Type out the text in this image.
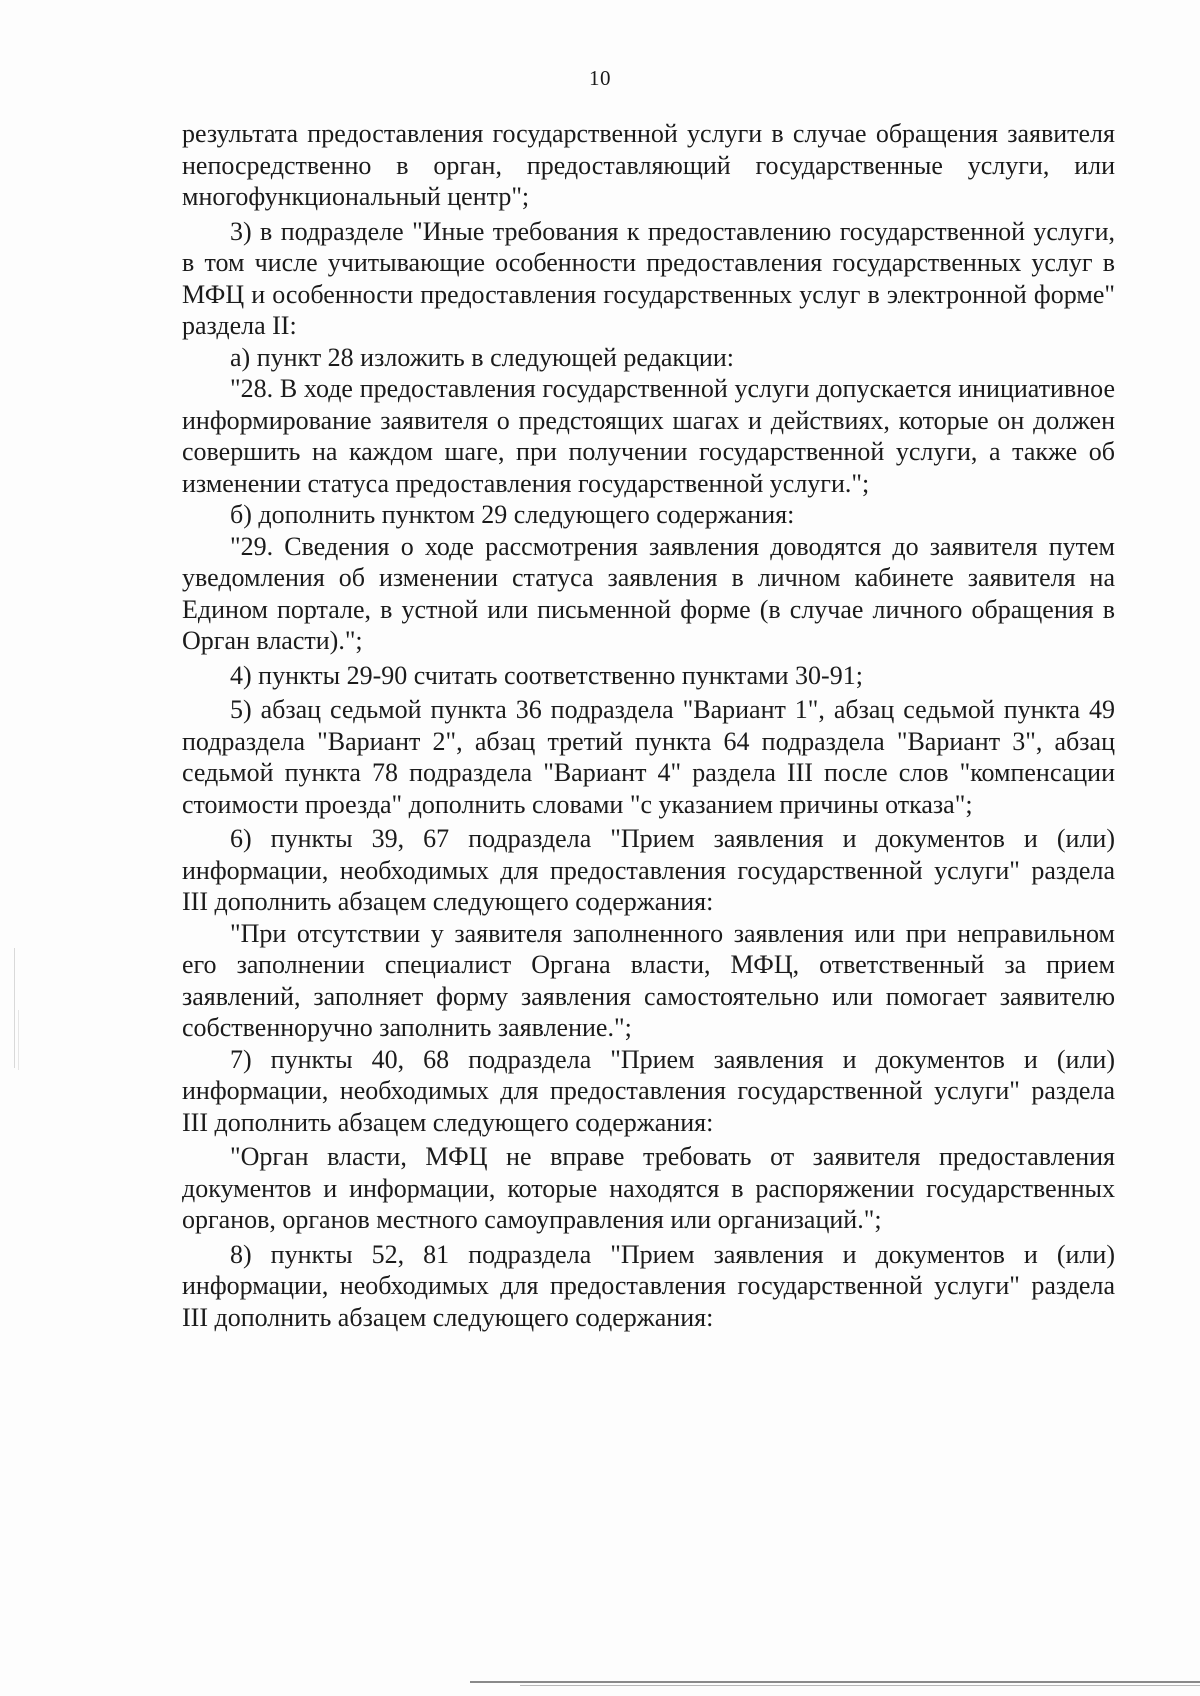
10

результата предоставления государственной услуги в случае обращения заявителя непосредственно в орган, предоставляющий государственные услуги, или многофункциональный центр";

3) в подразделе "Иные требования к предоставлению государственной услуги, в том числе учитывающие особенности предоставления государственных услуг в МФЦ и особенности предоставления государственных услуг в электронной форме" раздела II:

а) пункт 28 изложить в следующей редакции:

"28. В ходе предоставления государственной услуги допускается инициативное информирование заявителя о предстоящих шагах и действиях, которые он должен совершить на каждом шаге, при получении государственной услуги, а также об изменении статуса предоставления государственной услуги.";

б) дополнить пунктом 29 следующего содержания:

"29. Сведения о ходе рассмотрения заявления доводятся до заявителя путем уведомления об изменении статуса заявления в личном кабинете заявителя на Едином портале, в устной или письменной форме (в случае личного обращения в Орган власти).";

4) пункты 29-90 считать соответственно пунктами 30-91;

5) абзац седьмой пункта 36 подраздела "Вариант 1", абзац седьмой пункта 49 подраздела "Вариант 2", абзац третий пункта 64 подраздела "Вариант 3", абзац седьмой пункта 78 подраздела "Вариант 4" раздела III после слов "компенсации стоимости проезда" дополнить словами "с указанием причины отказа";

6) пункты 39, 67 подраздела "Прием заявления и документов и (или) информации, необходимых для предоставления государственной услуги" раздела III дополнить абзацем следующего содержания:

"При отсутствии у заявителя заполненного заявления или при неправильном его заполнении специалист Органа власти, МФЦ, ответственный за прием заявлений, заполняет форму заявления самостоятельно или помогает заявителю собственноручно заполнить заявление.";

7) пункты 40, 68 подраздела "Прием заявления и документов и (или) информации, необходимых для предоставления государственной услуги" раздела III дополнить абзацем следующего содержания:

"Орган власти, МФЦ не вправе требовать от заявителя предоставления документов и информации, которые находятся в распоряжении государственных органов, органов местного самоуправления или организаций.";

8) пункты 52, 81 подраздела "Прием заявления и документов и (или) информации, необходимых для предоставления государственной услуги" раздела III дополнить абзацем следующего содержания:
